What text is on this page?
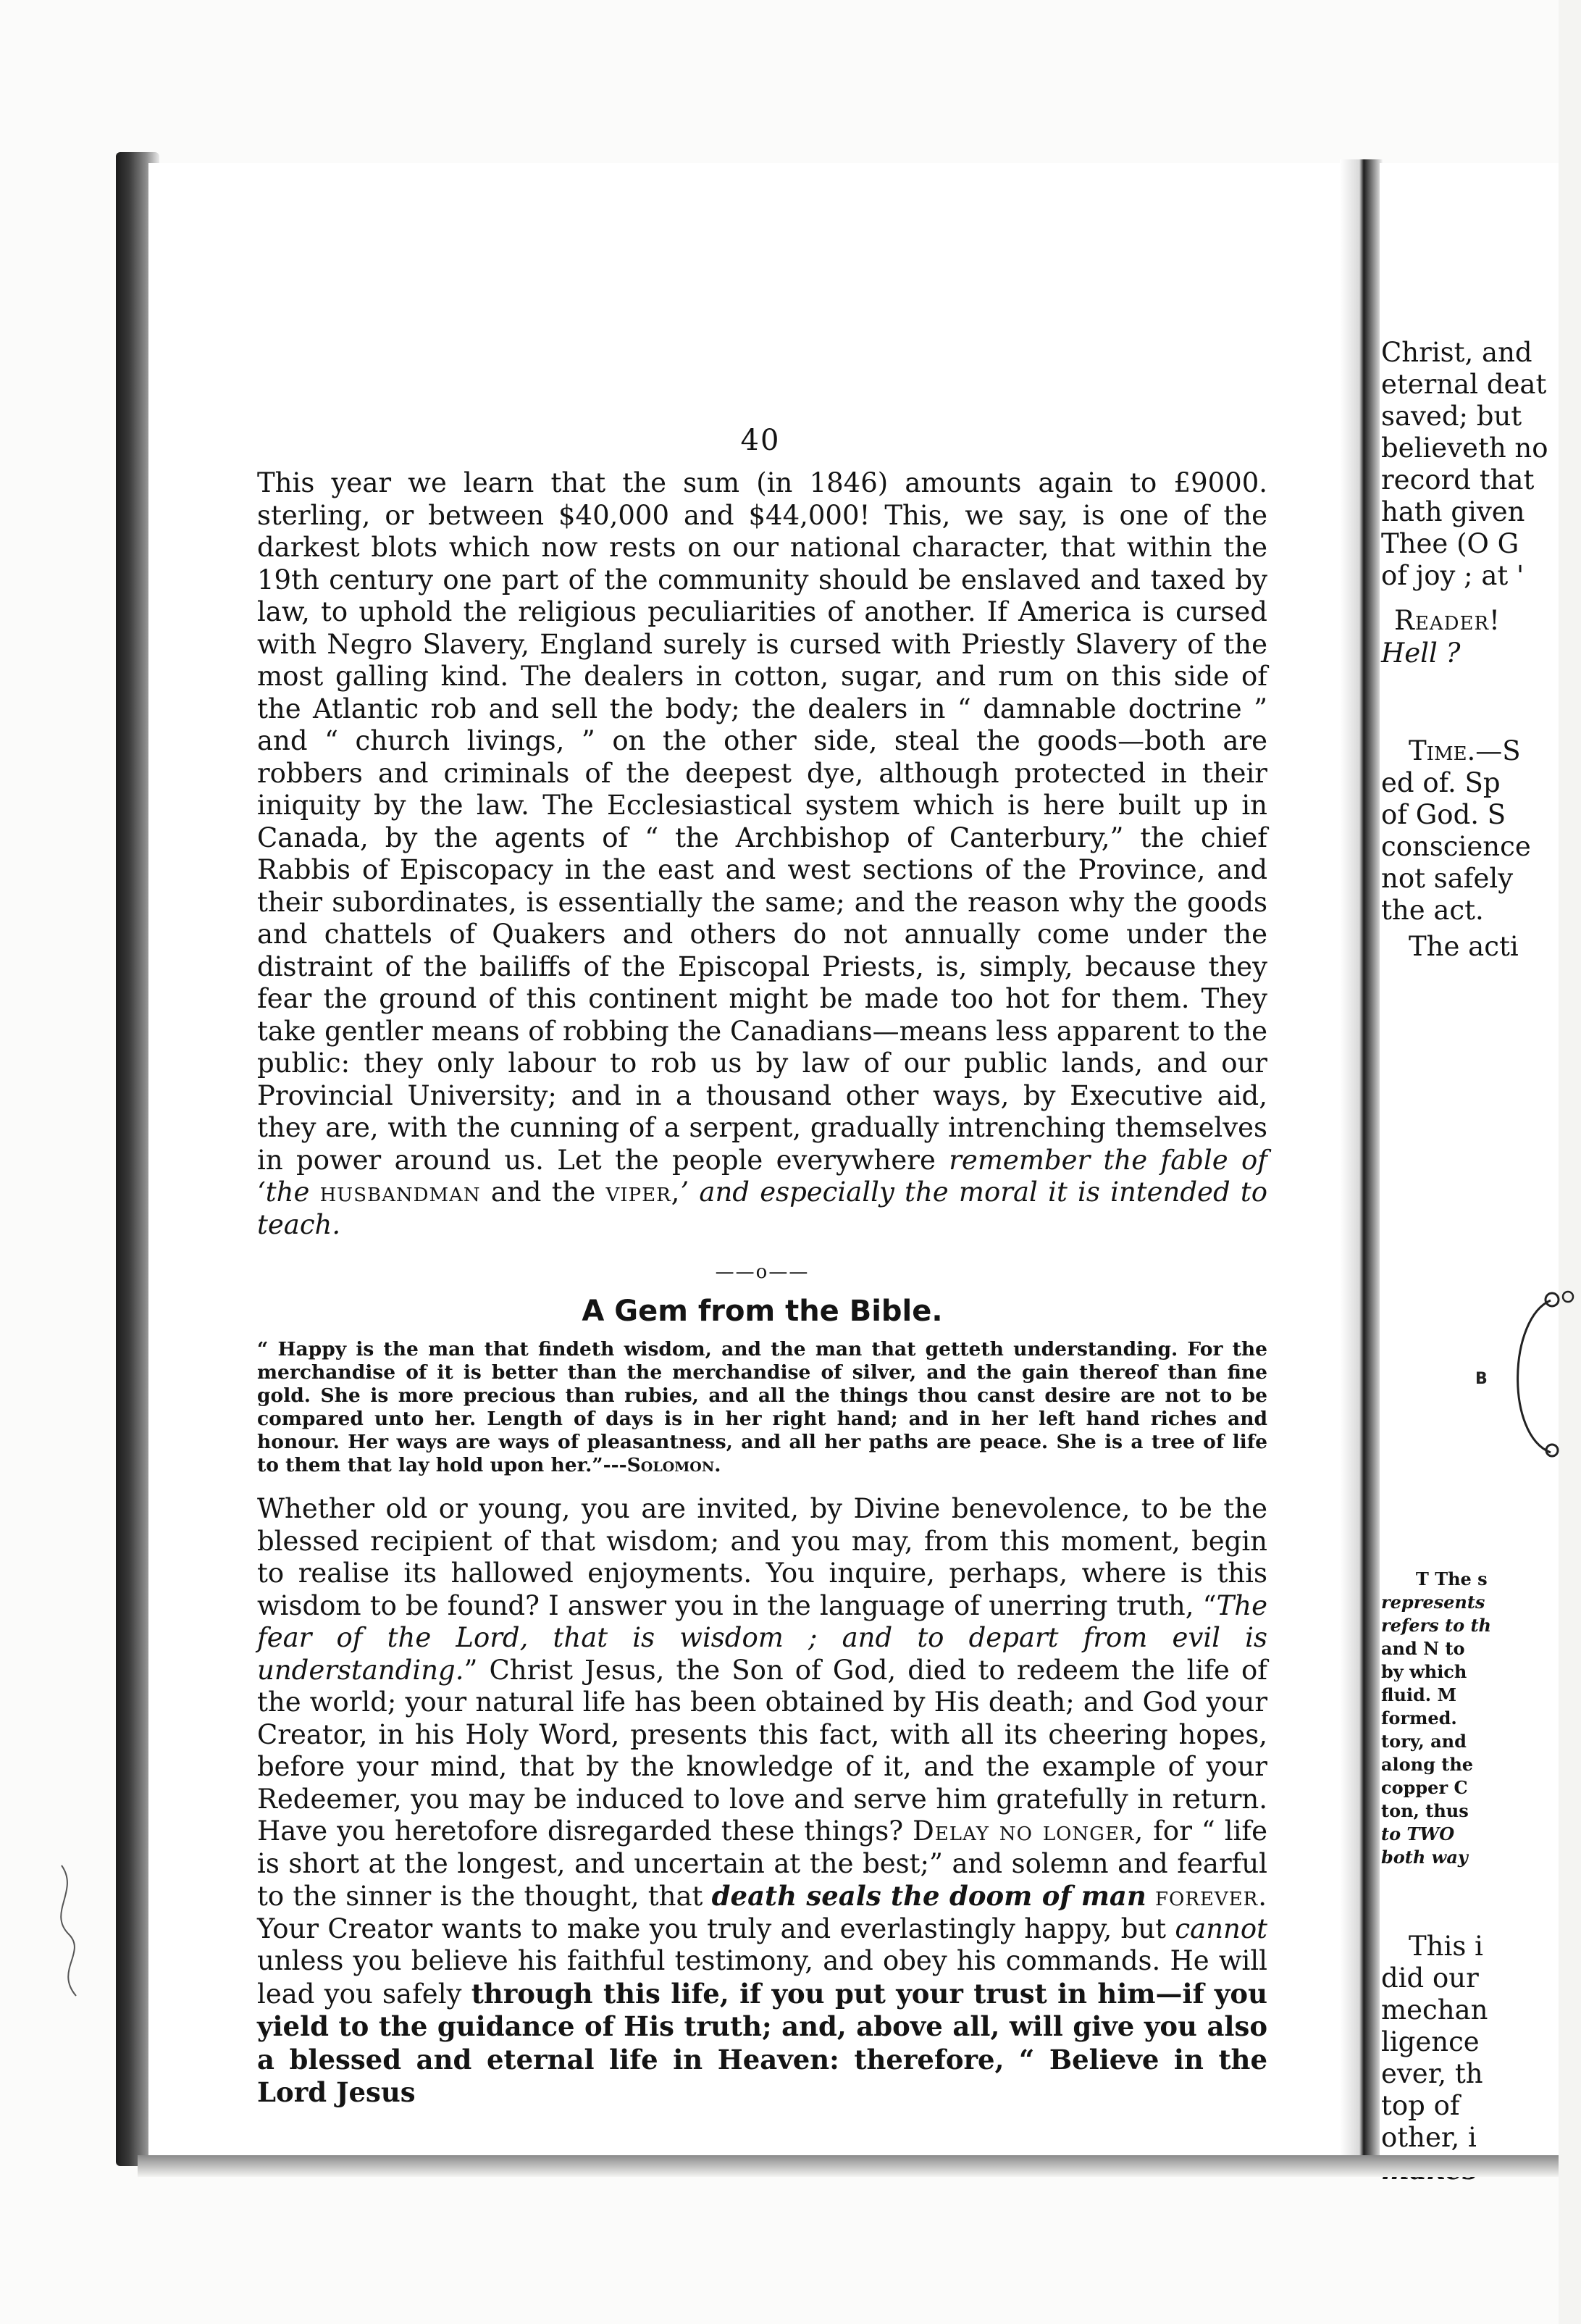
40

This year we learn that the sum (in 1846) amounts again to £9000. sterling, or between $40,000 and $44,000! This, we say, is one of the darkest blots which now rests on our national character, that within the 19th century one part of the community should be enslaved and taxed by law, to uphold the religious peculiarities of another. If America is cursed with Negro Slavery, England surely is cursed with Priestly Slavery of the most galling kind. The dealers in cotton, sugar, and rum on this side of the Atlantic rob and sell the body; the dealers in “ damnable doctrine ” and “ church livings, ” on the other side, steal the goods—both are robbers and criminals of the deepest dye, although protected in their iniquity by the law. The Ecclesiastical system which is here built up in Canada, by the agents of “ the Archbishop of Canterbury,” the chief Rabbis of Episcopacy in the east and west sections of the Province, and their subordinates, is essentially the same; and the reason why the goods and chattels of Quakers and others do not annually come under the distraint of the bailiffs of the Episcopal Priests, is, simply, because they fear the ground of this continent might be made too hot for them. They take gentler means of robbing the Canadians—means less apparent to the public: they only labour to rob us by law of our public lands, and our Provincial University; and in a thousand other ways, by Executive aid, they are, with the cunning of a serpent, gradually intrenching themselves in power around us. Let the people everywhere remember the fable of ‘the husbandman and the viper,’ and especially the moral it is intended to teach.

——o——
A Gem from the Bible.

“ Happy is the man that findeth wisdom, and the man that getteth understanding. For the merchandise of it is better than the merchandise of silver, and the gain thereof than fine gold. She is more precious than rubies, and all the things thou canst desire are not to be compared unto her. Length of days is in her right hand; and in her left hand riches and honour. Her ways are ways of pleasantness, and all her paths are peace. She is a tree of life to them that lay hold upon her.”---Solomon.

Whether old or young, you are invited, by Divine benevolence, to be the blessed recipient of that wisdom; and you may, from this moment, begin to realise its hallowed enjoyments. You inquire, perhaps, where is this wisdom to be found? I answer you in the language of unerring truth, “The fear of the Lord, that is wisdom ; and to depart from evil is understanding.” Christ Jesus, the Son of God, died to redeem the life of the world; your natural life has been obtained by His death; and God your Creator, in his Holy Word, presents this fact, with all its cheering hopes, before your mind, that by the knowledge of it, and the example of your Redeemer, you may be induced to love and serve him gratefully in return. Have you heretofore disregarded these things? Delay no longer, for “ life is short at the longest, and uncertain at the best;” and solemn and fearful to the sinner is the thought, that death seals the doom of man forever. Your Creator wants to make you truly and everlastingly happy, but cannot unless you believe his faithful testimony, and obey his commands. He will lead you safely through this life, if you put your trust in him—if you yield to the guidance of His truth; and, above all, will give you also a blessed and eternal life in Heaven: therefore, “ Believe in the Lord Jesus

Christ, and
eternal deat
saved; but
believeth no
record that
hath given
Thee (O G
of joy ; at '
Reader!
Hell ?
Time.—S
ed of. Sp
of God. S
conscience
not safely
the act.
The acti
B
T The s
represents
refers to th
and N to
by which
fluid. M
formed.
tory, and
along the
copper C
ton, thus
to TWO
both way
This i
did our
mechan
ligence
ever, th
top of
other, i
